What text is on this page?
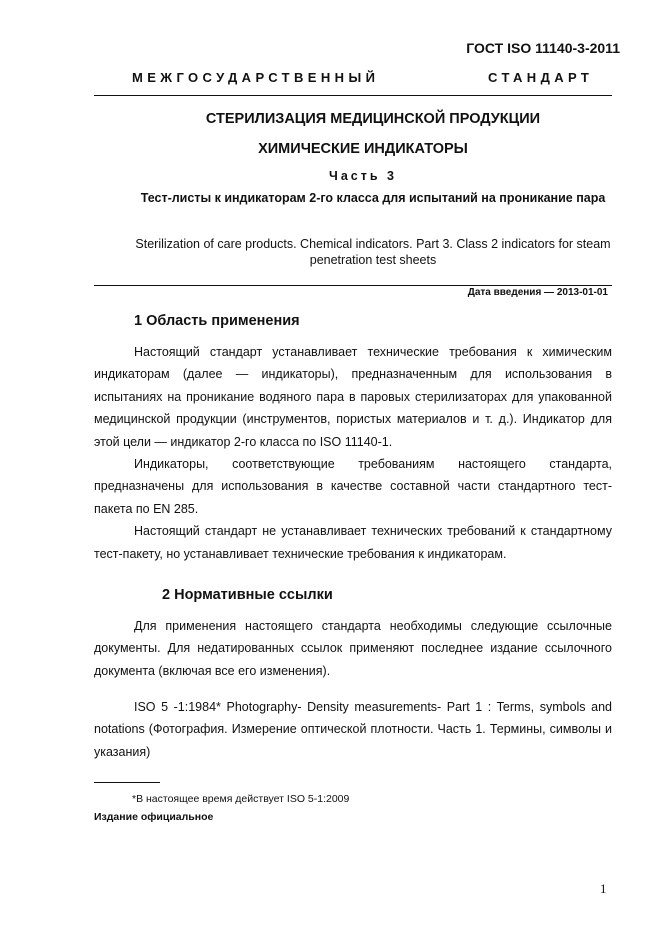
ГОСТ ISO 11140-3-2011
МЕЖГОСУДАРСТВЕННЫЙ	СТАНДАРТ
СТЕРИЛИЗАЦИЯ МЕДИЦИНСКОЙ ПРОДУКЦИИ
ХИМИЧЕСКИЕ ИНДИКАТОРЫ
Часть 3
Тест-листы к индикаторам 2-го класса для испытаний на проникание пара
Sterilization of care products. Chemical indicators. Part 3. Class 2 indicators for steam penetration test sheets
Дата введения — 2013-01-01
1 Область применения

Настоящий стандарт устанавливает технические требования к химическим индикаторам (далее — индикаторы), предназначенным для использования в испытаниях на проникание водяного пара в паровых стерилизаторах для упакованной медицинской продукции (инструментов, пористых материалов и т. д.). Индикатор для этой цели — индикатор 2-го класса по ISO 11140-1.

Индикаторы, соответствующие требованиям настоящего стандарта, предназначены для использования в качестве составной части стандартного тест-пакета по EN 285.

Настоящий стандарт не устанавливает технических требований к стандартному тест-пакету, но устанавливает технические требования к индикаторам.

2 Нормативные ссылки

Для применения настоящего стандарта необходимы следующие ссылочные документы. Для недатированных ссылок применяют последнее издание ссылочного документа (включая все его изменения).

ISO 5 -1:1984* Photography- Density measurements- Part 1 : Terms, symbols and notations (Фотография. Измерение оптической плотности. Часть 1. Термины, символы и указания)

*В настоящее время действует ISO 5-1:2009
Издание официальное
1
